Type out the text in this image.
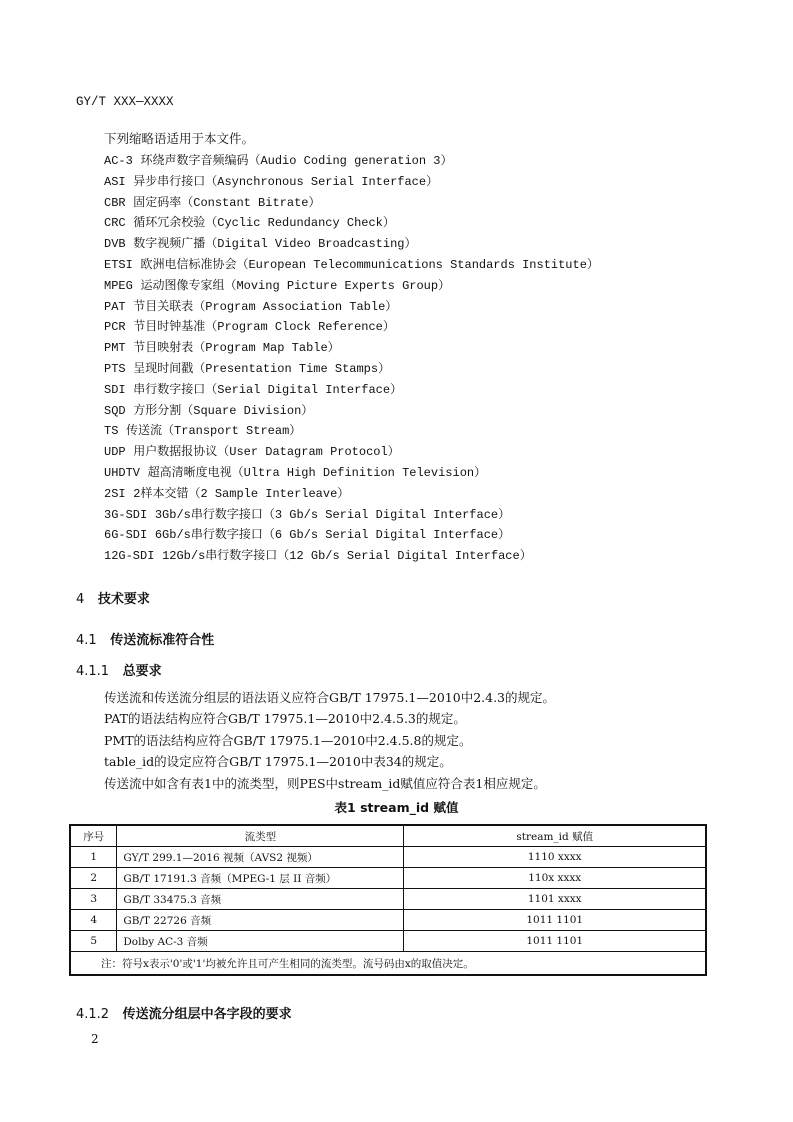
GY/T XXX—XXXX
下列缩略语适用于本文件。
AC-3 环绕声数字音频编码（Audio Coding generation 3）
ASI 异步串行接口（Asynchronous Serial Interface）
CBR 固定码率（Constant Bitrate）
CRC 循环冗余校验（Cyclic Redundancy Check）
DVB 数字视频广播（Digital Video Broadcasting）
ETSI 欧洲电信标准协会（European Telecommunications Standards Institute）
MPEG 运动图像专家组（Moving Picture Experts Group）
PAT 节目关联表（Program Association Table）
PCR 节目时钟基准（Program Clock Reference）
PMT 节目映射表（Program Map Table）
PTS 呈现时间戳（Presentation Time Stamps）
SDI 串行数字接口（Serial Digital Interface）
SQD 方形分割（Square Division）
TS 传送流（Transport Stream）
UDP 用户数据报协议（User Datagram Protocol）
UHDTV 超高清晰度电视（Ultra High Definition Television）
2SI 2样本交错（2 Sample Interleave）
3G-SDI 3Gb/s串行数字接口（3 Gb/s Serial Digital Interface）
6G-SDI 6Gb/s串行数字接口（6 Gb/s Serial Digital Interface）
12G-SDI 12Gb/s串行数字接口（12 Gb/s Serial Digital Interface）
4 技术要求
4.1 传送流标准符合性
4.1.1 总要求
传送流和传送流分组层的语法语义应符合GB/T 17975.1—2010中2.4.3的规定。
PAT的语法结构应符合GB/T 17975.1—2010中2.4.5.3的规定。
PMT的语法结构应符合GB/T 17975.1—2010中2.4.5.8的规定。
table_id的设定应符合GB/T 17975.1—2010中表34的规定。
传送流中如含有表1中的流类型，则PES中stream_id赋值应符合表1相应规定。
表1 stream_id 赋值
序号	流类型	stream_id 赋值
1	GY/T 299.1—2016 视频（AVS2 视频）	1110 xxxx
2	GB/T 17191.3 音频（MPEG-1 层 II 音频）	110x xxxx
3	GB/T 33475.3 音频	1101 xxxx
4	GB/T 22726 音频	1011 1101
5	Dolby AC-3 音频	1011 1101
注：符号x表示'0'或'1'均被允许且可产生相同的流类型。流号码由x的取值决定。		
4.1.2 传送流分组层中各字段的要求
2
